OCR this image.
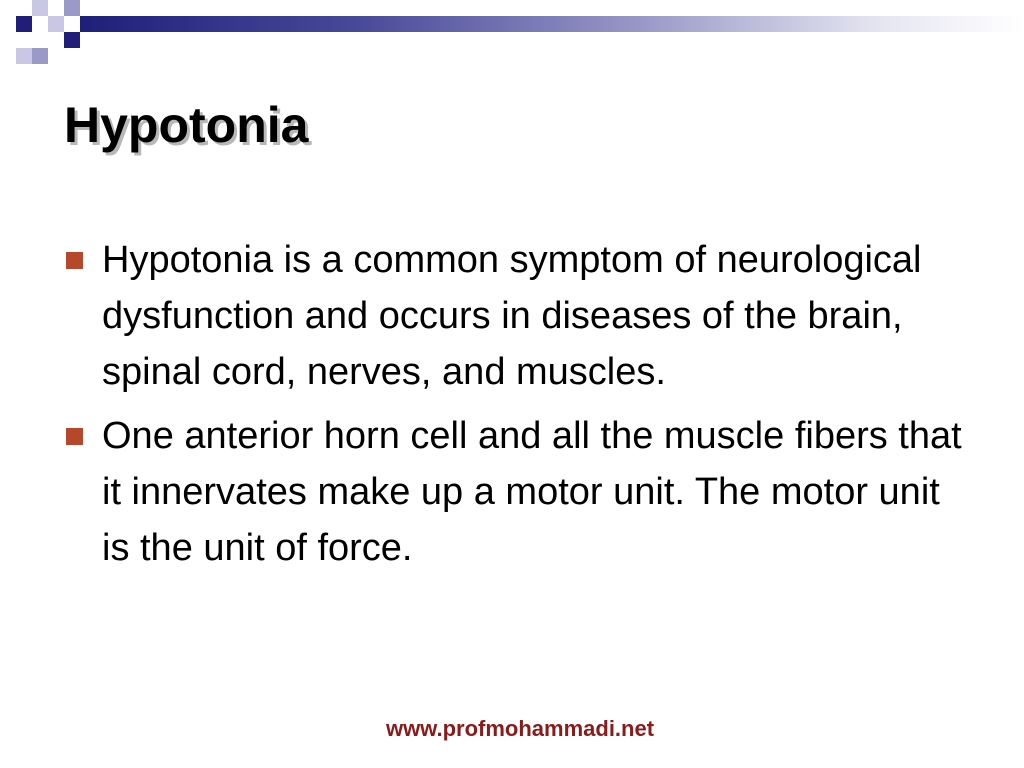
Hypotonia
Hypotonia is a common symptom of neurological dysfunction and occurs in diseases of the brain, spinal cord, nerves, and muscles.
One anterior horn cell and all the muscle fibers that it innervates make up a motor unit. The motor unit is the unit of force.
www.profmohammadi.net
